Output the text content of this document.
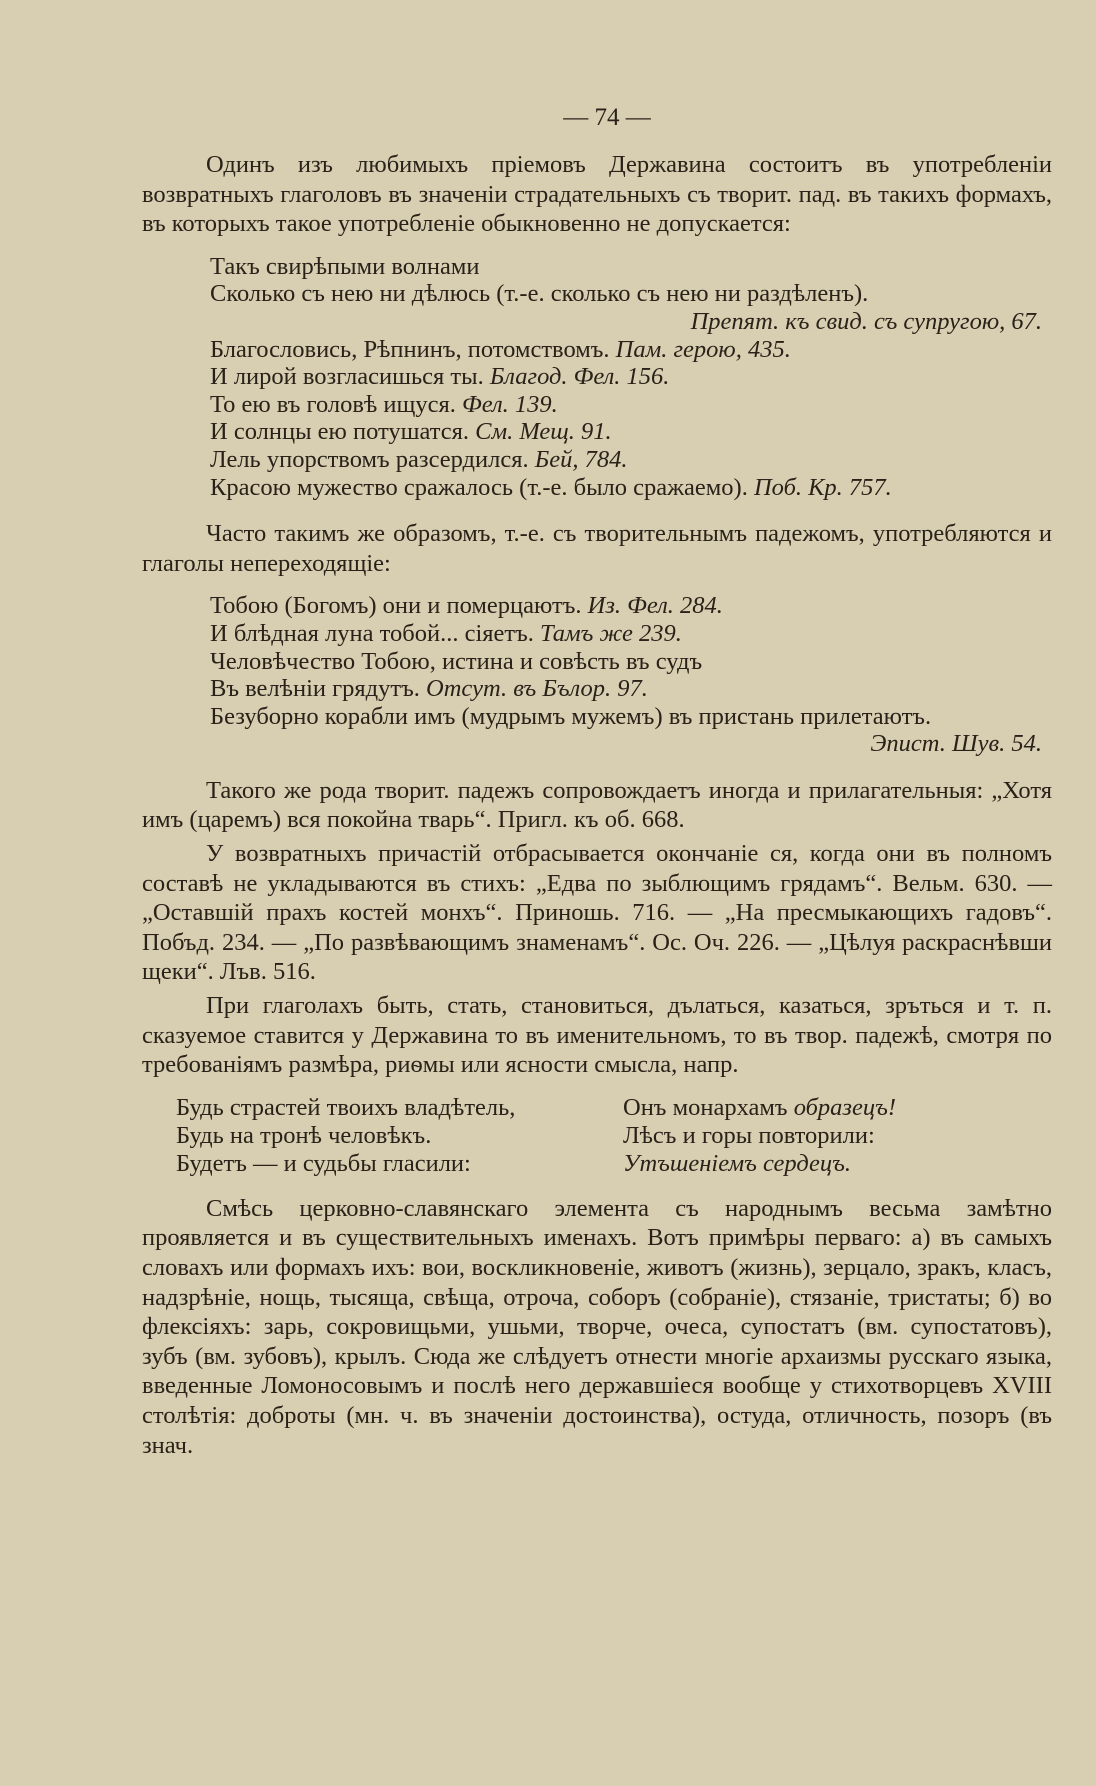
— 74 —

Одинъ изъ любимыхъ пріемовъ Державина состоитъ въ употребленіи возвратныхъ глаголовъ въ значеніи страдательныхъ съ творит. пад. въ такихъ формахъ, въ которыхъ такое употребленіе обыкновенно не допускается:

Такъ свирѣпыми волнами
Сколько съ нею ни дѣлюсь (т.-е. сколько съ нею ни раздѣленъ).
Препят. къ свид. съ супругою, 67.
Благословись, Рѣпнинъ, потомствомъ. Пам. герою, 435.
И лирой возгласишься ты. Благод. Фел. 156.
То ею въ головѣ ищуся. Фел. 139.
И солнцы ею потушатся. См. Мещ. 91.
Лель упорствомъ разсердился. Бей, 784.
Красою мужество сражалось (т.-е. было сражаемо). Поб. Кр. 757.

Часто такимъ же образомъ, т.-е. съ творительнымъ падежомъ, употребляются и глаголы непереходящіе:

Тобою (Богомъ) они и померцаютъ. Из. Фел. 284.
И блѣдная луна тобой... сіяетъ. Тамъ же 239.
Человѣчество Тобою, истина и совѣсть въ судъ
Въ велѣніи грядутъ. Отсут. въ Бълор. 97.
Безуборно корабли имъ (мудрымъ мужемъ) въ пристань прилетаютъ.
Эпист. Шув. 54.

Такого же рода творит. падежъ сопровождаетъ иногда и прилагательныя: „Хотя имъ (царемъ) вся покойна тварь“. Пригл. къ об. 668.

У возвратныхъ причастій отбрасывается окончаніе ся, когда они въ полномъ составѣ не укладываются въ стихъ: „Едва по зыблющимъ грядамъ“. Вельм. 630. — „Оставшій прахъ костей монхъ“. Приношь. 716. — „На пресмыкающихъ гадовъ“. Побъд. 234. — „По развѣвающимъ знаменамъ“. Ос. Оч. 226. — „Цѣлуя раскраснѣвши щеки“. Лъв. 516.

При глаголахъ быть, стать, становиться, дълаться, казаться, зръться и т. п. сказуемое ставится у Державина то въ именительномъ, то въ твор. падежѣ, смотря по требованіямъ размѣра, риѳмы или ясности смысла, напр.

Будь страстей твоихъ владѣтель,
Будь на тронѣ человѣкъ.
Будетъ — и судьбы гласили:
Онъ монархамъ образецъ!
Лѣсъ и горы повторили:
Утъшеніемъ сердецъ.

Смѣсь церковно-славянскаго элемента съ народнымъ весьма замѣтно проявляется и въ существительныхъ именахъ. Вотъ примѣры перваго: а) въ самыхъ словахъ или формахъ ихъ: вои, воскликновеніе, животъ (жизнь), зерцало, зракъ, класъ, надзрѣніе, нощь, тысяща, свѣща, отроча, соборъ (собраніе), стязаніе, тристаты; б) во флексіяхъ: зарь, сокровищьми, ушьми, творче, очеса, супостатъ (вм. супостатовъ), зубъ (вм. зубовъ), крылъ. Сюда же слѣдуетъ отнести многіе архаизмы русскаго языка, введенные Ломоносовымъ и послѣ него державшіеся вообще у стихотворцевъ XVIII столѣтія: доброты (мн. ч. въ значеніи достоинства), остуда, отличность, позоръ (въ знач.
